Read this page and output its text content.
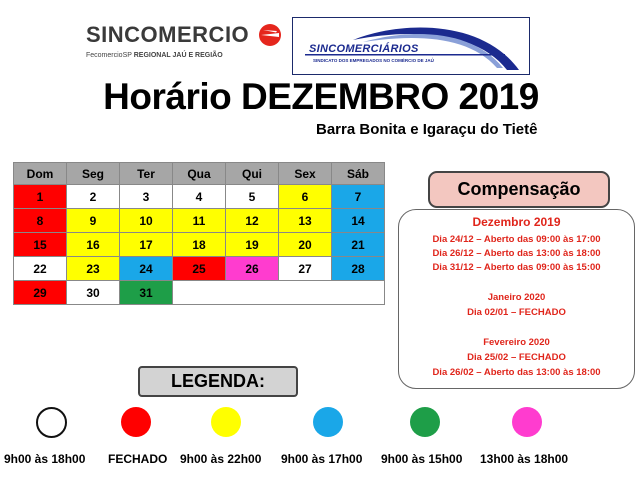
SINCOMERCIO
FecomercioSP REGIONAL JAÚ E REGIÃO
SINCOMERCIÁRIOS
SINDICATO DOS EMPREGADOS NO COMÉRCIO DE JAÚ
Horário DEZEMBRO 2019
Barra Bonita e Igaraçu do Tietê
Dom	Seg	Ter	Qua	Qui	Sex	Sáb
1	2	3	4	5	6	7
8	9	10	11	12	13	14
15	16	17	18	19	20	21
22	23	24	25	26	27	28
29	30	31				
Compensação
Dezembro 2019
Dia 24/12 – Aberto das 09:00 às 17:00
Dia 26/12 – Aberto das 13:00 às 18:00
Dia 31/12 – Aberto das 09:00 às 15:00
Janeiro 2020
Dia 02/01 – FECHADO
Fevereiro 2020
Dia 25/02 – FECHADO
Dia 26/02 – Aberto das 13:00 às 18:00
LEGENDA:
9h00 às 18h00 FECHADO 9h00 às 22h00 9h00 às 17h00 9h00 às 15h00 13h00 às 18h00
